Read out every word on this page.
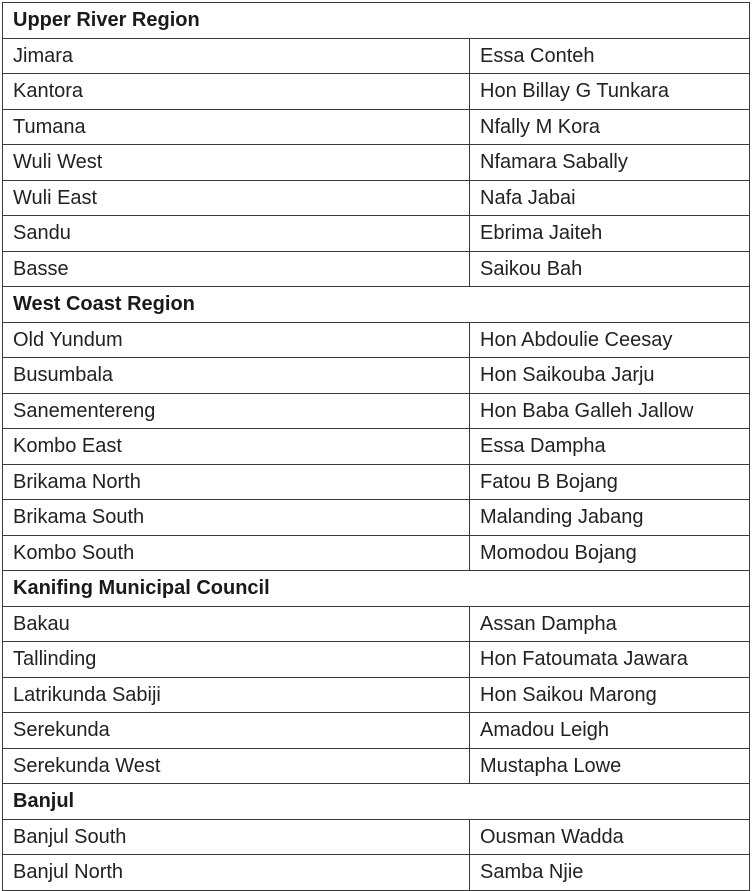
Upper River Region	
Jimara	Essa Conteh
Kantora	Hon Billay G Tunkara
Tumana	Nfally M Kora
Wuli West	Nfamara Sabally
Wuli East	Nafa Jabai
Sandu	Ebrima Jaiteh
Basse	Saikou Bah
West Coast Region	
Old Yundum	Hon Abdoulie Ceesay
Busumbala	Hon Saikouba Jarju
Sanementereng	Hon Baba Galleh Jallow
Kombo East	Essa Dampha
Brikama North	Fatou B Bojang
Brikama South	Malanding Jabang
Kombo South	Momodou Bojang
Kanifing Municipal Council	
Bakau	Assan Dampha
Tallinding	Hon Fatoumata Jawara
Latrikunda Sabiji	Hon Saikou Marong
Serekunda	Amadou Leigh
Serekunda West	Mustapha Lowe
Banjul	
Banjul South	Ousman Wadda
Banjul North	Samba Njie
